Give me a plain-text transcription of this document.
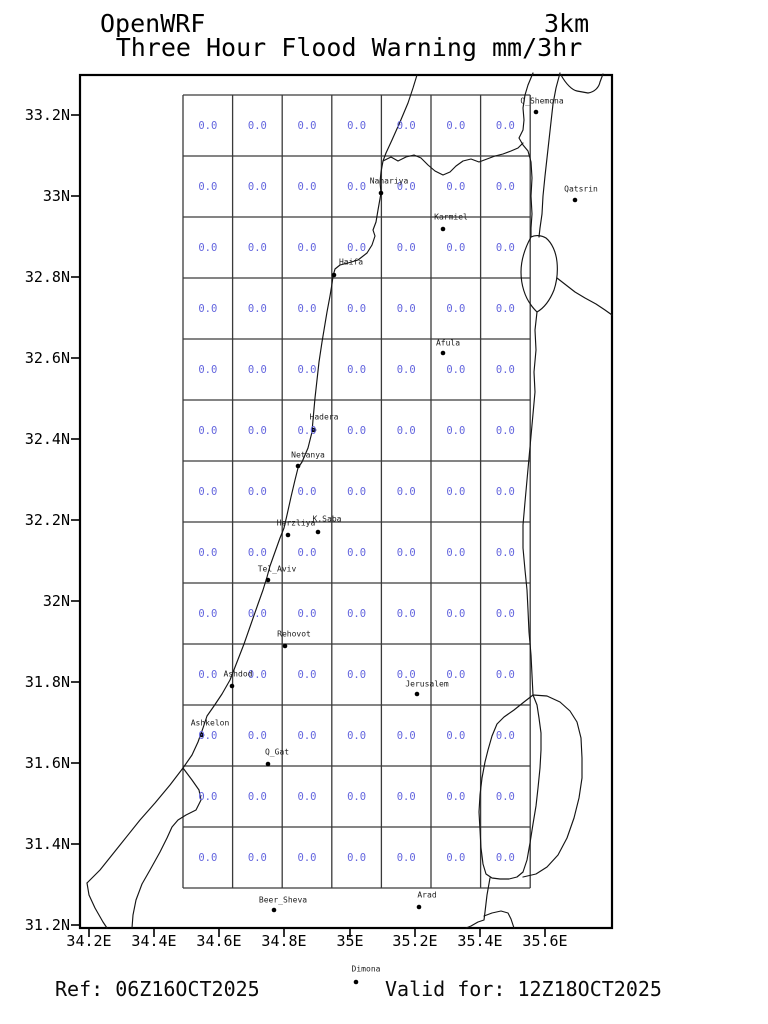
OpenWRF	3km
Three Hour Flood Warning mm/3hr
33.2N
33N
32.8N
32.6N
32.4N
32.2N
32N
31.8N
31.6N
31.4N
31.2N
34.2E 34.4E 34.6E 34.8E 35E 35.2E 35.4E 35.6E
0.0	0.0	0.0	0.0	0.0	0.0	0.0
0.0	0.0	0.0	0.0	0.0	0.0	0.0
0.0	0.0	0.0	0.0	0.0	0.0	0.0
0.0	0.0	0.0	0.0	0.0	0.0	0.0
0.0	0.0	0.0	0.0	0.0	0.0	0.0
0.0	0.0	0.0	0.0	0.0	0.0	0.0
0.0	0.0	0.0	0.0	0.0	0.0	0.0
0.0	0.0	0.0	0.0	0.0	0.0	0.0
0.0	0.0	0.0	0.0	0.0	0.0	0.0
0.0	0.0	0.0	0.0	0.0	0.0	0.0
0.0	0.0	0.0	0.0	0.0	0.0	0.0
0.0	0.0	0.0	0.0	0.0	0.0	0.0
0.0	0.0	0.0	0.0	0.0	0.0	0.0
Q_Shemona
Qatsrin
Nahariya
Karmiel
Haifa
Afula
Hadera
Netanya
Herzliya
K.Saba
Tel_Aviv
Rehovot
Ashdod
Jerusalem
Ashkelon
Q_Gat
Beer_Sheva
Arad
Dimona
Ref: 06Z16OCT2025	Valid for: 12Z18OCT2025
